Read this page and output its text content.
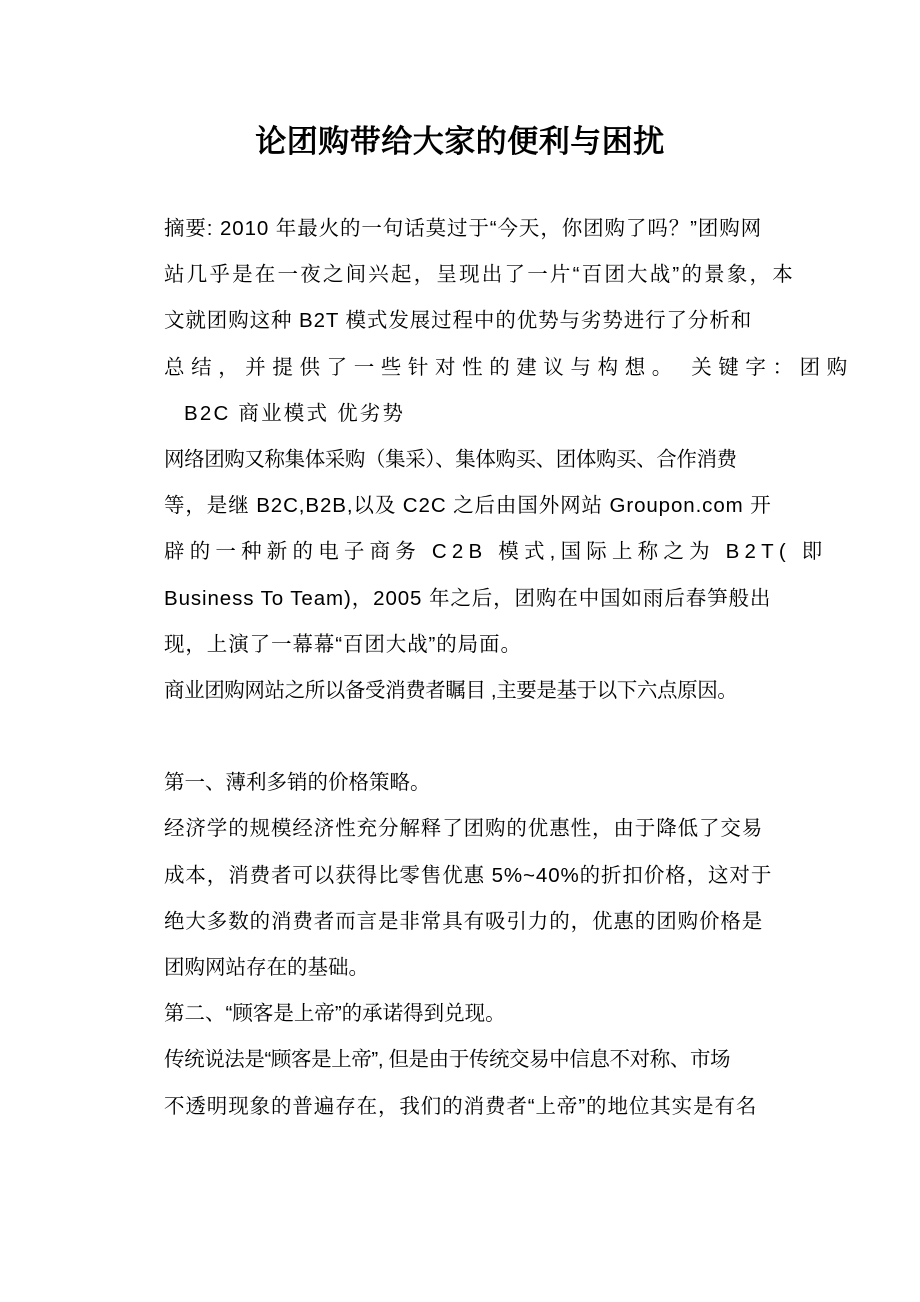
论团购带给大家的便利与困扰
摘要: 2010 年最火的一句话莫过于“今天，你团购了吗？”团购网
站几乎是在一夜之间兴起，呈现出了一片“百团大战”的景象，本
文就团购这种 B2T 模式发展过程中的优势与劣势进行了分析和
总结，并提供了一些针对性的建议与构想。 关键字：团购
B2C 商业模式 优劣势
网络团购又称集体采购（集采）、集体购买、团体购买、合作消费
等，是继 B2C,B2B,以及 C2C 之后由国外网站 Groupon.com 开
辟的一种新的电子商务 C2B 模式,国际上称之为 B2T( 即
Business To Team)，2005 年之后，团购在中国如雨后春笋般出
现，上演了一幕幕“百团大战”的局面。
商业团购网站之所以备受消费者瞩目 ,主要是基于以下六点原因。
第一、薄利多销的价格策略。
经济学的规模经济性充分解释了团购的优惠性，由于降低了交易
成本，消费者可以获得比零售优惠 5%~40%的折扣价格，这对于
绝大多数的消费者而言是非常具有吸引力的，优惠的团购价格是
团购网站存在的基础。
第二、“顾客是上帝”的承诺得到兑现。
传统说法是“顾客是上帝”, 但是由于传统交易中信息不对称、市场
不透明现象的普遍存在，我们的消费者“上帝”的地位其实是有名
